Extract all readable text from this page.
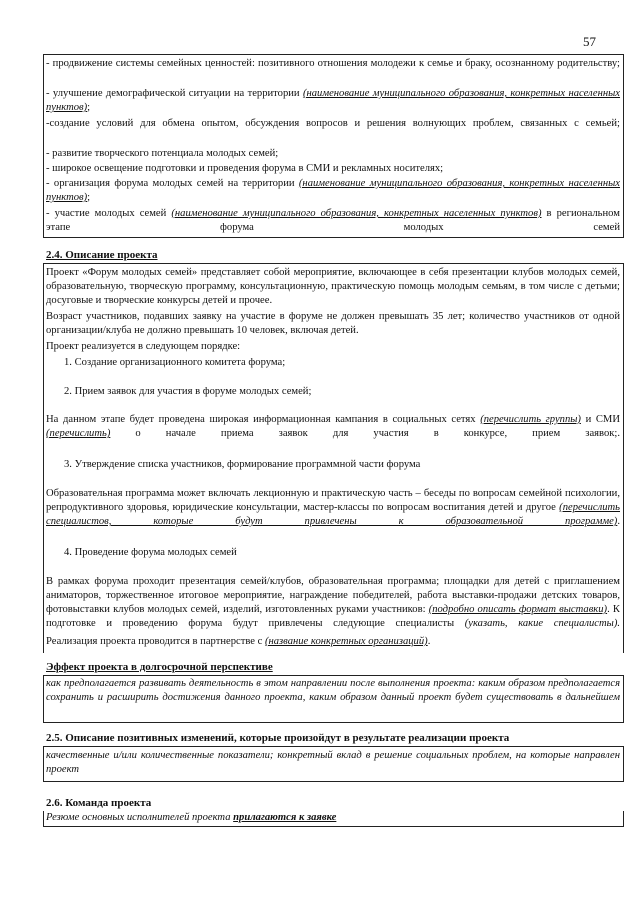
57

- продвижение системы семейных ценностей: позитивного отношения молодежи к семье и браку, осознанному родительству;

- улучшение демографической ситуации на территории (наименование муниципального образования, конкретных населенных пунктов);

-создание условий для обмена опытом, обсуждения вопросов и решения волнующих проблем, связанных с семьей;

- развитие творческого потенциала молодых семей;

- широкое освещение подготовки и проведения форума в СМИ и рекламных носителях;

- организация форума молодых семей на территории (наименование муниципального образования, конкретных населенных пунктов);

- участие молодых семей (наименование муниципального образования, конкретных населенных пунктов) в региональном этапе форума молодых семей

2.4. Описание проекта

Проект «Форум молодых семей» представляет собой мероприятие, включающее в себя презентации клубов молодых семей, образовательную, творческую программу, консультационную, практическую помощь молодым семьям, в том числе с детьми; досуговые и творческие конкурсы детей и прочее.

Возраст участников, подавших заявку на участие в форуме не должен превышать 35 лет; количество участников от одной организации/клуба не должно превышать 10 человек, включая детей.

Проект реализуется в следующем порядке:

1. Создание организационного комитета форума;
2. Прием заявок для участия в форуме молодых семей;

На данном этапе будет проведена широкая информационная кампания в социальных сетях (перечислить группы) и СМИ (перечислить) о начале приема заявок для участия в конкурсе, прием заявок;.

3. Утверждение списка участников, формирование программной части форума

Образовательная программа может включать лекционную и практическую часть – беседы по вопросам семейной психологии, репродуктивного здоровья, юридические консультации, мастер-классы по вопросам воспитания детей и другое (перечислить специалистов, которые будут привлечены к образовательной программе).

4. Проведение форума молодых семей

В рамках форума проходит презентация семей/клубов, образовательная программа; площадки для детей с приглашением аниматоров, торжественное итоговое мероприятие, награждение победителей, работа выставки-продажи детских товаров, фотовыставки клубов молодых семей, изделий, изготовленных руками участников: (подробно описать формат выставки). К подготовке и проведению форума будут привлечены следующие специалисты (указать, какие специалисты).

Реализация проекта проводится в партнерстве с (название конкретных организаций).

Эффект проекта в долгосрочной перспективе

как предполагается развивать деятельность в этом направлении после выполнения проекта: каким образом предполагается сохранить и расширить достижения данного проекта, каким образом данный проект будет существовать в дальнейшем

2.5. Описание позитивных изменений, которые произойдут в результате реализации проекта

качественные и/или количественные показатели; конкретный вклад в решение социальных проблем, на которые направлен проект

2.6. Команда проекта

Резюме основных исполнителей проекта прилагаются к заявке
